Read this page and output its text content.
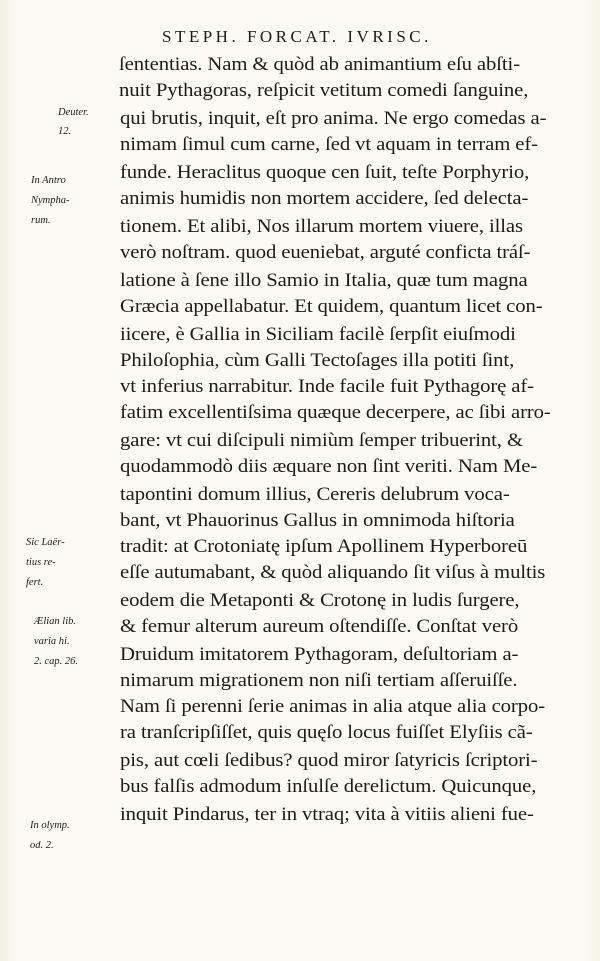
STEPH. FORCAT. IVRISC.
ſententias. Nam & quòd ab animantium eſu abſti-
nuit Pythagoras, reſpicit vetitum comedi ſanguine,
qui brutis, inquit, eſt pro anima. Ne ergo comedas a-
nimam ſimul cum carne, ſed vt aquam in terram ef-
funde. Heraclitus quoque cen ſuit, teſte Porphyrio,
animis humidis non mortem accidere, ſed delecta-
tionem. Et alibi, Nos illarum mortem viuere, illas
verò noſtram. quod eueniebat, arguté conficta tráſ-
latione à ſene illo Samio in Italia, quæ tum magna
Græcia appellabatur. Et quidem, quantum licet con-
iicere, è Gallia in Siciliam facilè ſerpſit eiuſmodi
Philoſophia, cùm Galli Tectoſages illa potiti ſint,
vt inferius narrabitur. Inde facile fuit Pythagorę af-
fatim excellentiſsima quæque decerpere, ac ſibi arro-
gare: vt cui diſcipuli nimiùm ſemper tribuerint, &
quodammodò diis æquare non ſint veriti. Nam Me-
tapontini domum illius, Cereris delubrum voca-
bant, vt Phauorinus Gallus in omnimoda hiſtoria
tradit: at Crotoniatę ipſum Apollinem Hyperboreū
eſſe autumabant, & quòd aliquando ſit viſus à multis
eodem die Metaponti & Crotonę in ludis ſurgere,
& femur alterum aureum oſtendiſſe. Conſtat verò
Druidum imitatorem Pythagoram, deſultoriam a-
nimarum migrationem non niſi tertiam aſſeruiſſe.
Nam ſi perenni ſerie animas in alia atque alia corpo-
ra tranſcripſiſſet, quis quęſo locus fuiſſet Elyſiis cã-
pis, aut cœli ſedibus? quod miror ſatyricis ſcriptori-
bus falſis admodum inſulſe derelictum. Quicunque,
inquit Pindarus, ter in vtraq; vita à vitiis alieni fue-
Deuter.
12.
In Antro
Nympha-
rum.
Sic Laër-
tius re-
fert.
Ælian lib.
varia hi.
2. cap. 26.
In olymp.
od. 2.
